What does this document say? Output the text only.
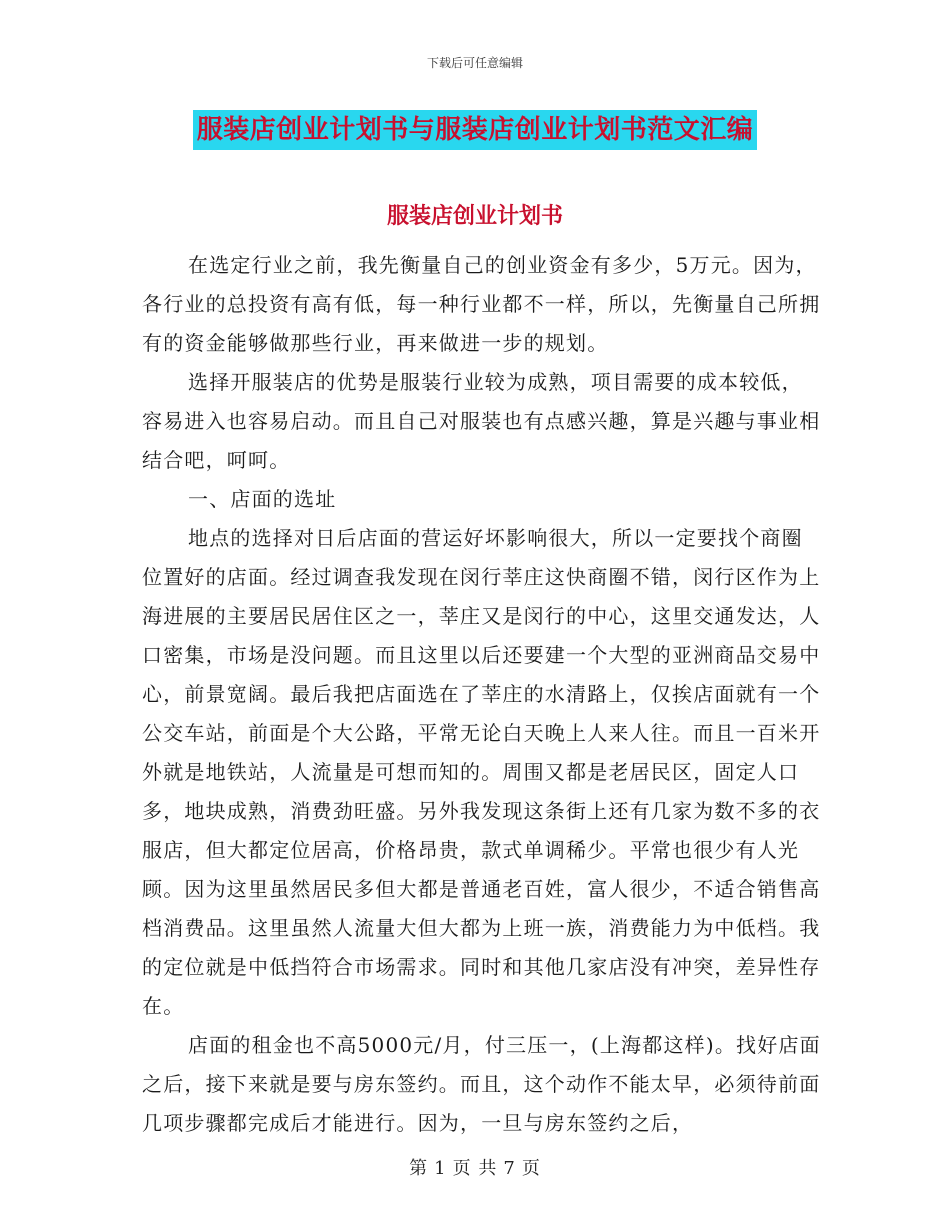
下载后可任意编辑
服装店创业计划书与服装店创业计划书范文汇编
服装店创业计划书

在选定行业之前，我先衡量自己的创业资金有多少，5万元。因为，各行业的总投资有高有低，每一种行业都不一样，所以，先衡量自己所拥有的资金能够做那些行业，再来做进一步的规划。

选择开服装店的优势是服装行业较为成熟，项目需要的成本较低，容易进入也容易启动。而且自己对服装也有点感兴趣，算是兴趣与事业相结合吧，呵呵。

一、店面的选址

地点的选择对日后店面的营运好坏影响很大，所以一定要找个商圈位置好的店面。经过调查我发现在闵行莘庄这快商圈不错，闵行区作为上海进展的主要居民居住区之一，莘庄又是闵行的中心，这里交通发达，人口密集，市场是没问题。而且这里以后还要建一个大型的亚洲商品交易中心，前景宽阔。最后我把店面选在了莘庄的水清路上，仅挨店面就有一个公交车站，前面是个大公路，平常无论白天晚上人来人往。而且一百米开外就是地铁站，人流量是可想而知的。周围又都是老居民区，固定人口多，地块成熟，消费劲旺盛。另外我发现这条街上还有几家为数不多的衣服店，但大都定位居高，价格昂贵，款式单调稀少。平常也很少有人光顾。因为这里虽然居民多但大都是普通老百姓，富人很少，不适合销售高档消费品。这里虽然人流量大但大都为上班一族，消费能力为中低档。我的定位就是中低挡符合市场需求。同时和其他几家店没有冲突，差异性存在。

店面的租金也不高5000元/月，付三压一，(上海都这样)。找好店面之后，接下来就是要与房东签约。而且，这个动作不能太早，必须待前面几项步骤都完成后才能进行。因为，一旦与房东签约之后，

第 1 页 共 7 页
